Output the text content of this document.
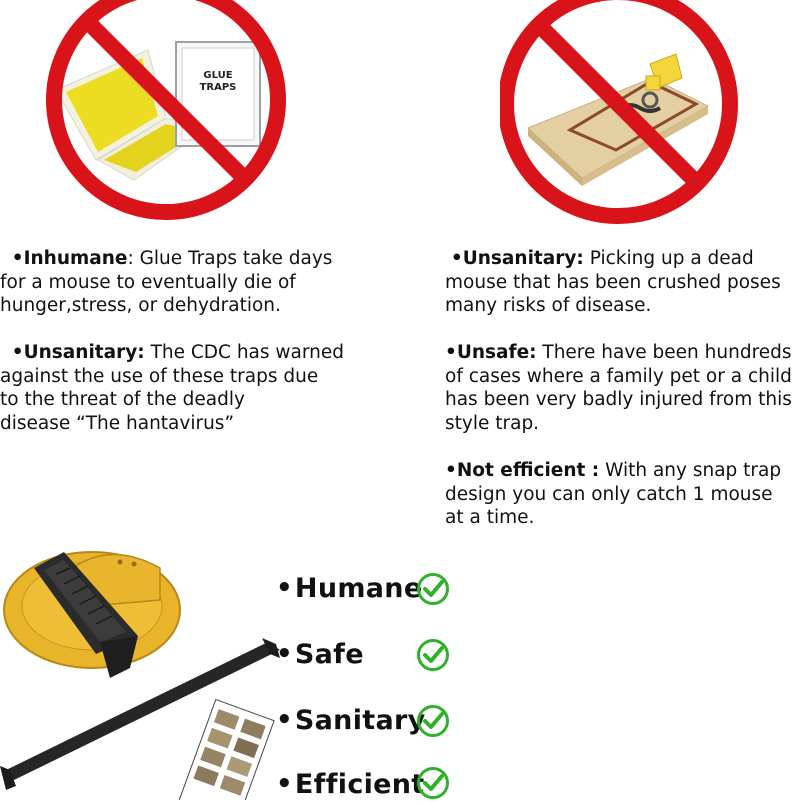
GLUE
TRAPS
•Inhumane: Glue Traps take days
for a mouse to eventually die of
hunger,stress, or dehydration.
•Unsanitary: The CDC has warned
against the use of these traps due
to the threat of the deadly
disease “The hantavirus”
•Unsanitary: Picking up a dead
mouse that has been crushed poses
many risks of disease.
•Unsafe: There have been hundreds
of cases where a family pet or a child
has been very badly injured from this
style trap.
•Not efficient : With any snap trap
design you can only catch 1 mouse
at a time.
• Humane
• Safe
• Sanitary
• Efficient
